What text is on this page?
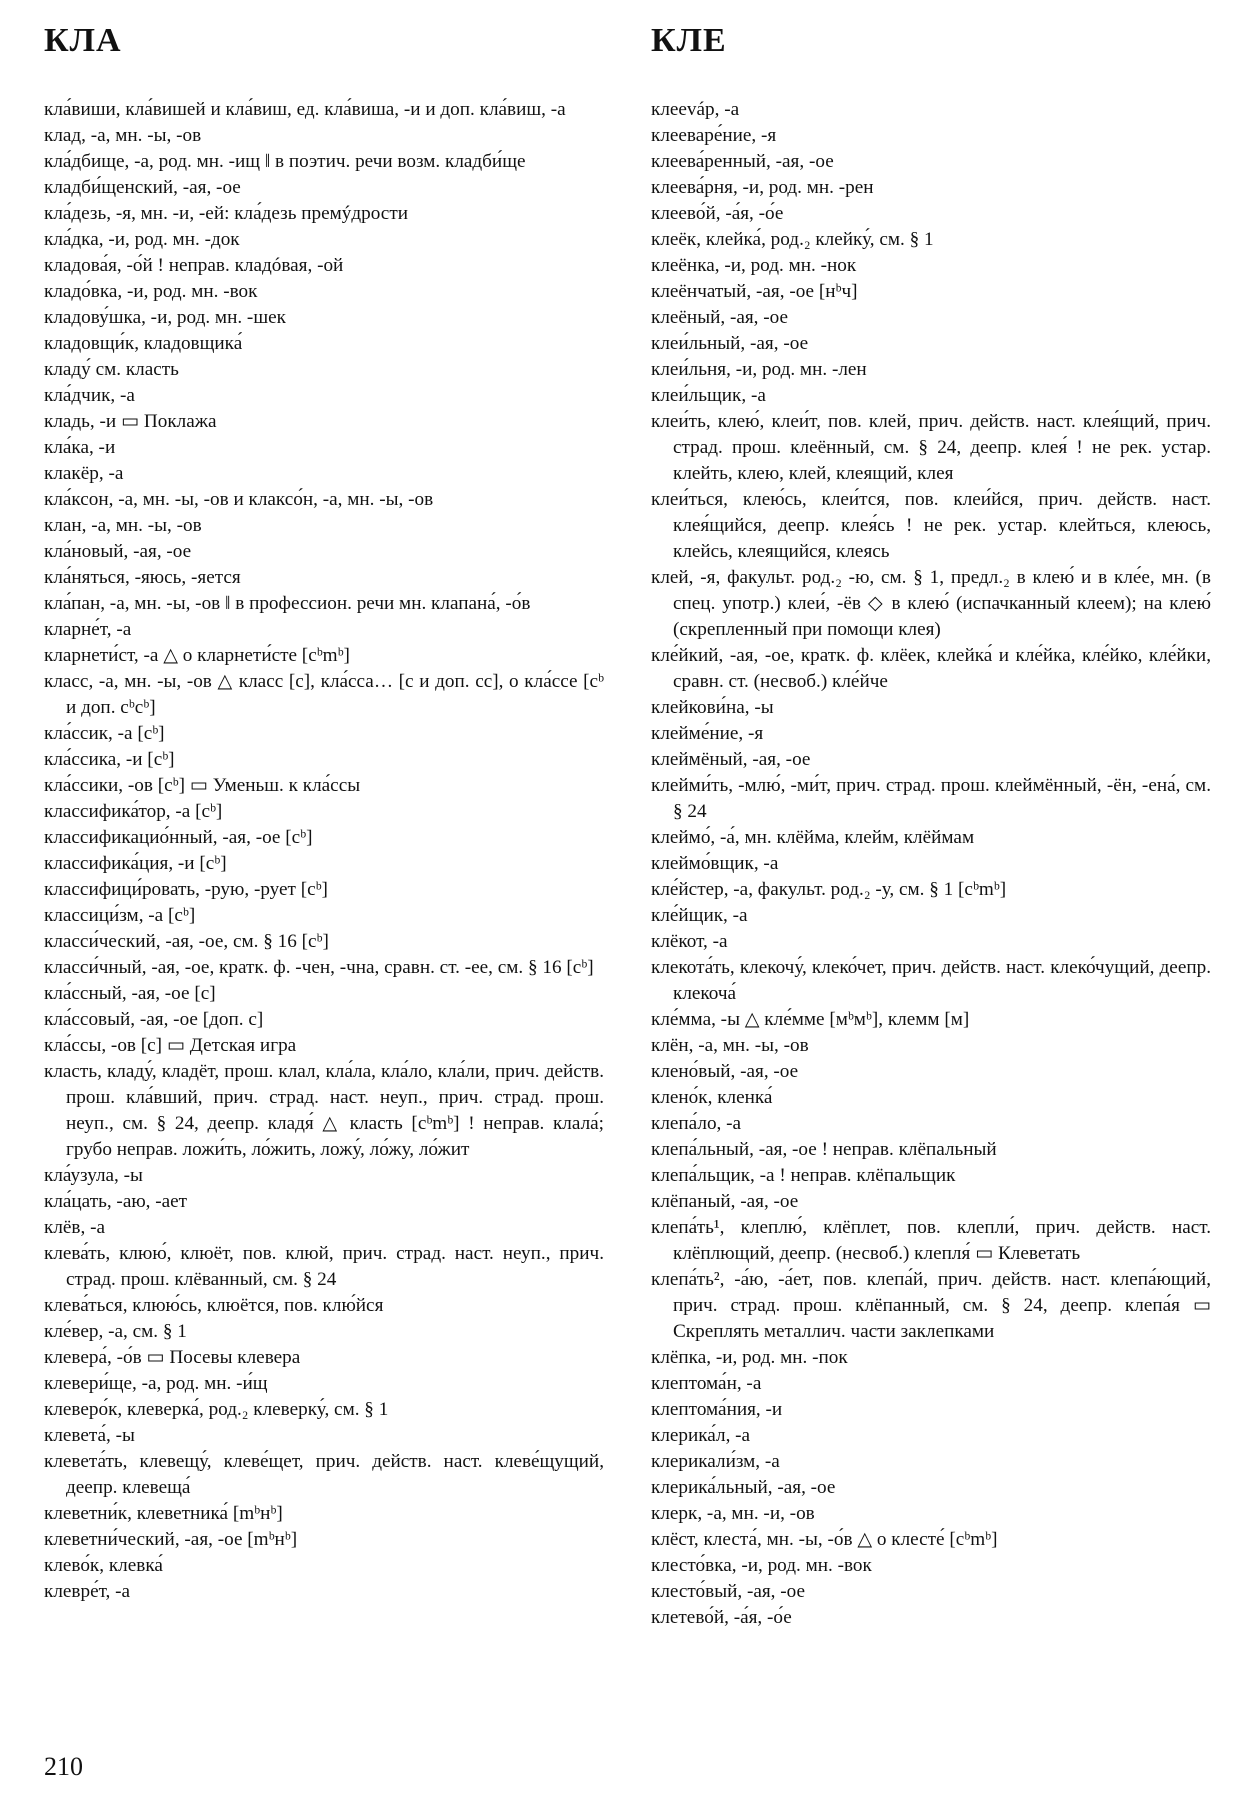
КЛА	КЛЕ

кла́виши, кла́вишей и кла́виш, ед. кла́виша, -и и доп. кла́виш, -а

клад, -а, мн. -ы, -ов

кла́дбище, -а, род. мн. -ищ ‖ в поэтич. речи возм. кладби́ще

кладби́щенский, -ая, -ое

кла́дезь, -я, мн. -и, -ей: кла́дезь премýдрости

кла́дка, -и, род. мн. -док

кладова́я, -о́й ! неправ. кладóвая, -ой

кладо́вка, -и, род. мн. -вок

кладову́шка, -и, род. мн. -шек

кладовщи́к, кладовщика́

кладу́ см. класть

кла́дчик, -а

кладь, -и ▭ Поклажа

кла́ка, -и

клакёр, -а

кла́ксон, -а, мн. -ы, -ов и клаксо́н, -а, мн. -ы, -ов

клан, -а, мн. -ы, -ов

кла́новый, -ая, -ое

кла́няться, -яюсь, -яется

кла́пан, -а, мн. -ы, -ов ‖ в профессион. речи мн. клапана́, -о́в

кларне́т, -а

кларнети́ст, -а △ о кларнети́сте [cᵇmᵇ]

класс, -а, мн. -ы, -ов △ класс [c], кла́сса… [c и доп. cc], о кла́ссе [cᵇ и доп. cᵇcᵇ]

кла́ссик, -а [cᵇ]

кла́ссика, -и [cᵇ]

кла́ссики, -ов [cᵇ] ▭ Уменьш. к кла́ссы

классифика́тор, -а [cᵇ]

классификацио́нный, -ая, -ое [cᵇ]

классифика́ция, -и [cᵇ]

классифици́ровать, -рую, -рует [cᵇ]

классици́зм, -а [cᵇ]

класси́ческий, -ая, -ое, см. § 16 [cᵇ]

класси́чный, -ая, -ое, кратк. ф. -чен, -чна, сравн. ст. -ее, см. § 16 [cᵇ]

кла́ссный, -ая, -ое [c]

кла́ссовый, -ая, -ое [доп. c]

кла́ссы, -ов [c] ▭ Детская игра

класть, кладу́, кладёт, прош. клал, кла́ла, кла́ло, кла́ли, прич. действ. прош. кла́вший, прич. страд. наст. неуп., прич. страд. прош. неуп., см. § 24, деепр. кладя́ △ класть [cᵇmᵇ] ! неправ. клала́; грубо неправ. ложи́ть, ло́жить, ложу́, ло́жу, ло́жит

кла́узула, -ы

кла́цать, -аю, -ает

клёв, -а

клева́ть, клюю́, клюёт, пов. клюй, прич. страд. наст. неуп., прич. страд. прош. клёванный, см. § 24

клева́ться, клюю́сь, клюётся, пов. клю́йся

кле́вер, -а, см. § 1

клевера́, -о́в ▭ Посевы клевера

клевери́ще, -а, род. мн. -и́щ

клеверо́к, клеверка́, род.₂ клеверку́, см. § 1

клевета́, -ы

клевета́ть, клевещу́, клеве́щет, прич. действ. наст. клеве́щущий, деепр. клевеща́

клеветни́к, клеветника́ [mᵇнᵇ]

клеветни́ческий, -ая, -ое [mᵇнᵇ]

клево́к, клевка́

клевре́т, -а

клееváр, -а

клееваре́ние, -я

клеева́ренный, -ая, -ое

клеева́рня, -и, род. мн. -рен

клеево́й, -а́я, -о́е

клеёк, клейка́, род.₂ клейку́, см. § 1

клеёнка, -и, род. мн. -нок

клеёнчатый, -ая, -ое [нᵇч]

клеёный, -ая, -ое

клеи́льный, -ая, -ое

клеи́льня, -и, род. мн. -лен

клеи́льщик, -а

клеи́ть, клею́, клеи́т, пов. клей, прич. действ. наст. клея́щий, прич. страд. прош. клеённый, см. § 24, деепр. клея́ ! не рек. устар. клейть, клею, клей, клеящий, клея

клеи́ться, клею́сь, клеи́тся, пов. клеи́йся, прич. действ. наст. клея́щийся, деепр. клея́сь ! не рек. устар. клейться, клеюсь, клейсь, клеящийся, клеясь

клей, -я, факульт. род.₂ -ю, см. § 1, предл.₂ в клею́ и в кле́е, мн. (в спец. употр.) клеи́, -ёв ◇ в клею́ (испачканный клеем); на клею́ (скрепленный при помощи клея)

кле́йкий, -ая, -ое, кратк. ф. клёек, клейка́ и кле́йка, кле́йко, кле́йки, сравн. ст. (несвоб.) кле́йче

клейкови́на, -ы

клейме́ние, -я

клеймёный, -ая, -ое

клейми́ть, -млю́, -ми́т, прич. страд. прош. клеймённый, -ён, -ена́, см. § 24

клеймо́, -а́, мн. клёйма, клейм, клёймам

клеймо́вщик, -а

кле́йстер, -а, факульт. род.₂ -у, см. § 1 [cᵇmᵇ]

кле́йщик, -а

клёкот, -а

клекота́ть, клекочу́, клеко́чет, прич. действ. наст. клеко́чущий, деепр. клекоча́

кле́мма, -ы △ кле́мме [мᵇмᵇ], клемм [м]

клён, -а, мн. -ы, -ов

клено́вый, -ая, -ое

клено́к, кленка́

клепа́ло, -а

клепа́льный, -ая, -ое ! неправ. клёпальный

клепа́льщик, -а ! неправ. клёпальщик

клёпаный, -ая, -ое

клепа́ть¹, клеплю́, клёплет, пов. клепли́, прич. действ. наст. клёплющий, деепр. (несвоб.) клепля́ ▭ Клеветать

клепа́ть², -а́ю, -а́ет, пов. клепа́й, прич. действ. наст. клепа́ющий, прич. страд. прош. клёпанный, см. § 24, деепр. клепа́я ▭ Скреплять металлич. части заклепками

клёпка, -и, род. мн. -пок

клептома́н, -а

клептома́ния, -и

клерика́л, -а

клерикали́зм, -а

клерика́льный, -ая, -ое

клерк, -а, мн. -и, -ов

клёст, клеста́, мн. -ы, -о́в △ о клесте́ [cᵇmᵇ]

клесто́вка, -и, род. мн. -вок

клесто́вый, -ая, -ое

клетево́й, -а́я, -о́е

210
